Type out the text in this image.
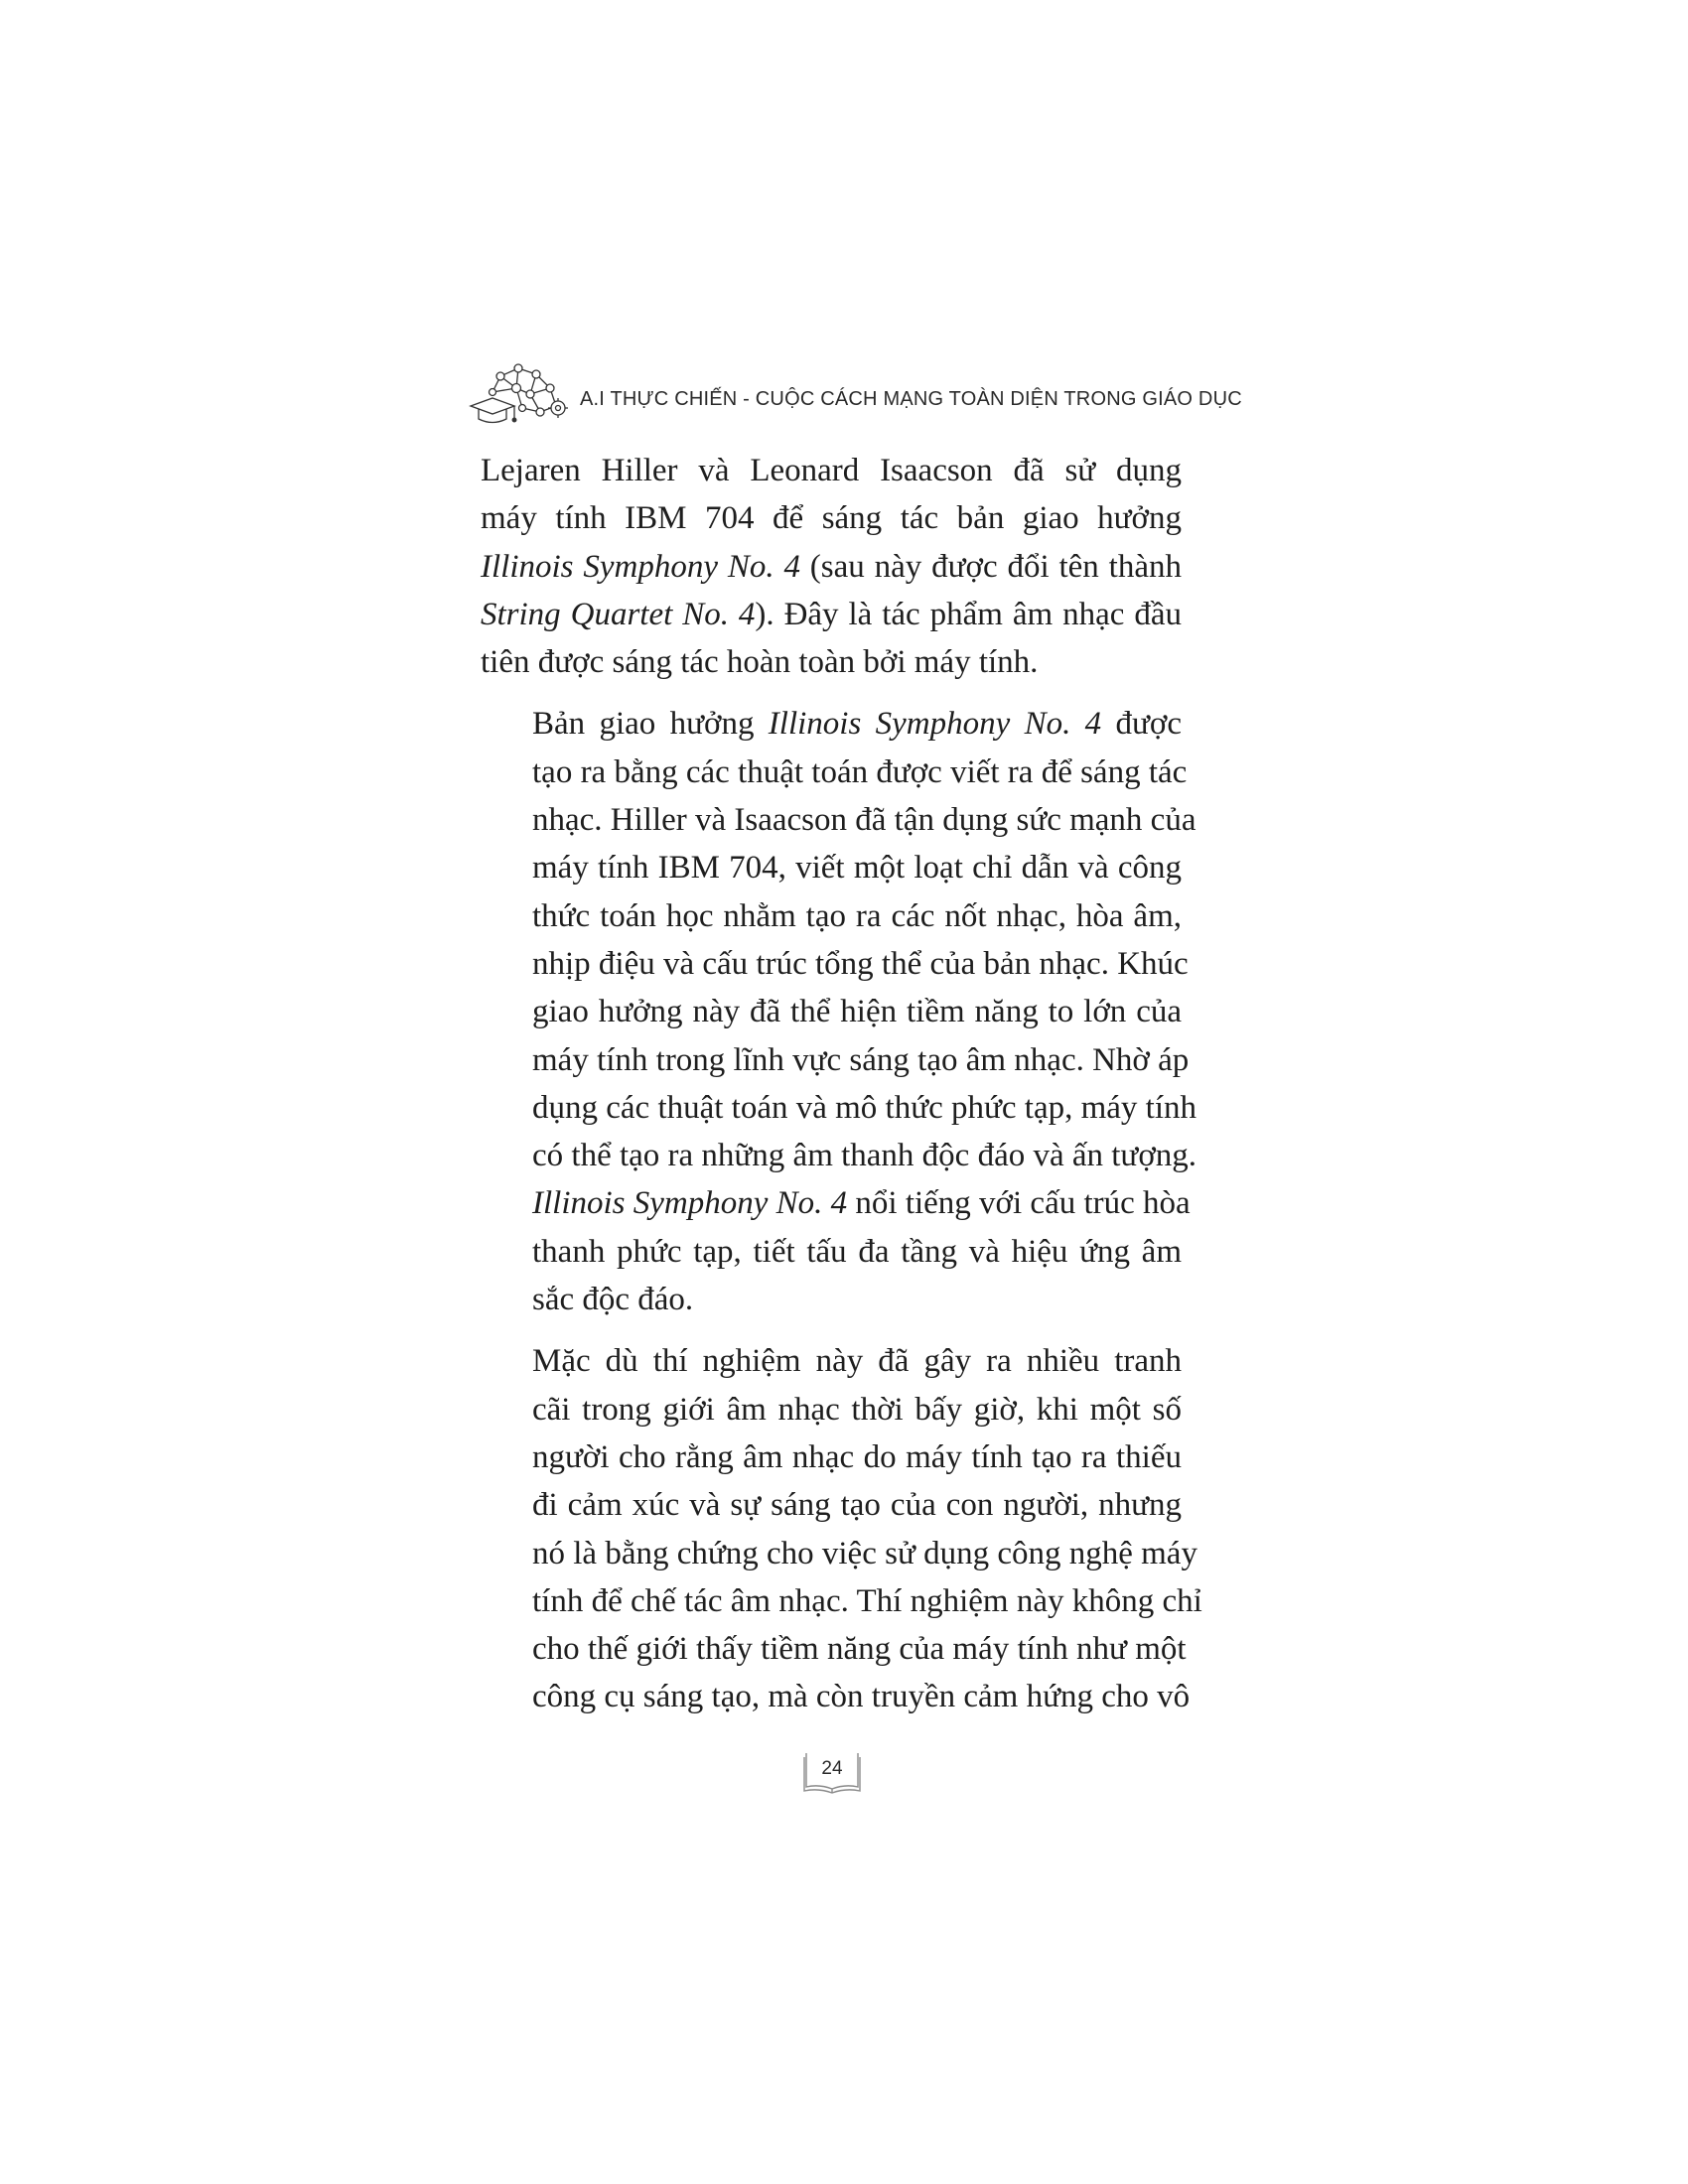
A.I THỰC CHIẾN - CUỘC CÁCH MẠNG TOÀN DIỆN TRONG GIÁO DỤC

Lejaren Hiller và Leonard Isaacson đã sử dụng
máy tính IBM 704 để sáng tác bản giao hưởng
Illinois Symphony No. 4 (sau này được đổi tên thành
String Quartet No. 4). Đây là tác phẩm âm nhạc đầu
tiên được sáng tác hoàn toàn bởi máy tính.

Bản giao hưởng Illinois Symphony No. 4 được
tạo ra bằng các thuật toán được viết ra để sáng tác
nhạc. Hiller và Isaacson đã tận dụng sức mạnh của
máy tính IBM 704, viết một loạt chỉ dẫn và công
thức toán học nhằm tạo ra các nốt nhạc, hòa âm,
nhịp điệu và cấu trúc tổng thể của bản nhạc. Khúc
giao hưởng này đã thể hiện tiềm năng to lớn của
máy tính trong lĩnh vực sáng tạo âm nhạc. Nhờ áp
dụng các thuật toán và mô thức phức tạp, máy tính
có thể tạo ra những âm thanh độc đáo và ấn tượng.
Illinois Symphony No. 4 nổi tiếng với cấu trúc hòa
thanh phức tạp, tiết tấu đa tầng và hiệu ứng âm
sắc độc đáo.

Mặc dù thí nghiệm này đã gây ra nhiều tranh
cãi trong giới âm nhạc thời bấy giờ, khi một số
người cho rằng âm nhạc do máy tính tạo ra thiếu
đi cảm xúc và sự sáng tạo của con người, nhưng
nó là bằng chứng cho việc sử dụng công nghệ máy
tính để chế tác âm nhạc. Thí nghiệm này không chỉ
cho thế giới thấy tiềm năng của máy tính như một
công cụ sáng tạo, mà còn truyền cảm hứng cho vô

24
